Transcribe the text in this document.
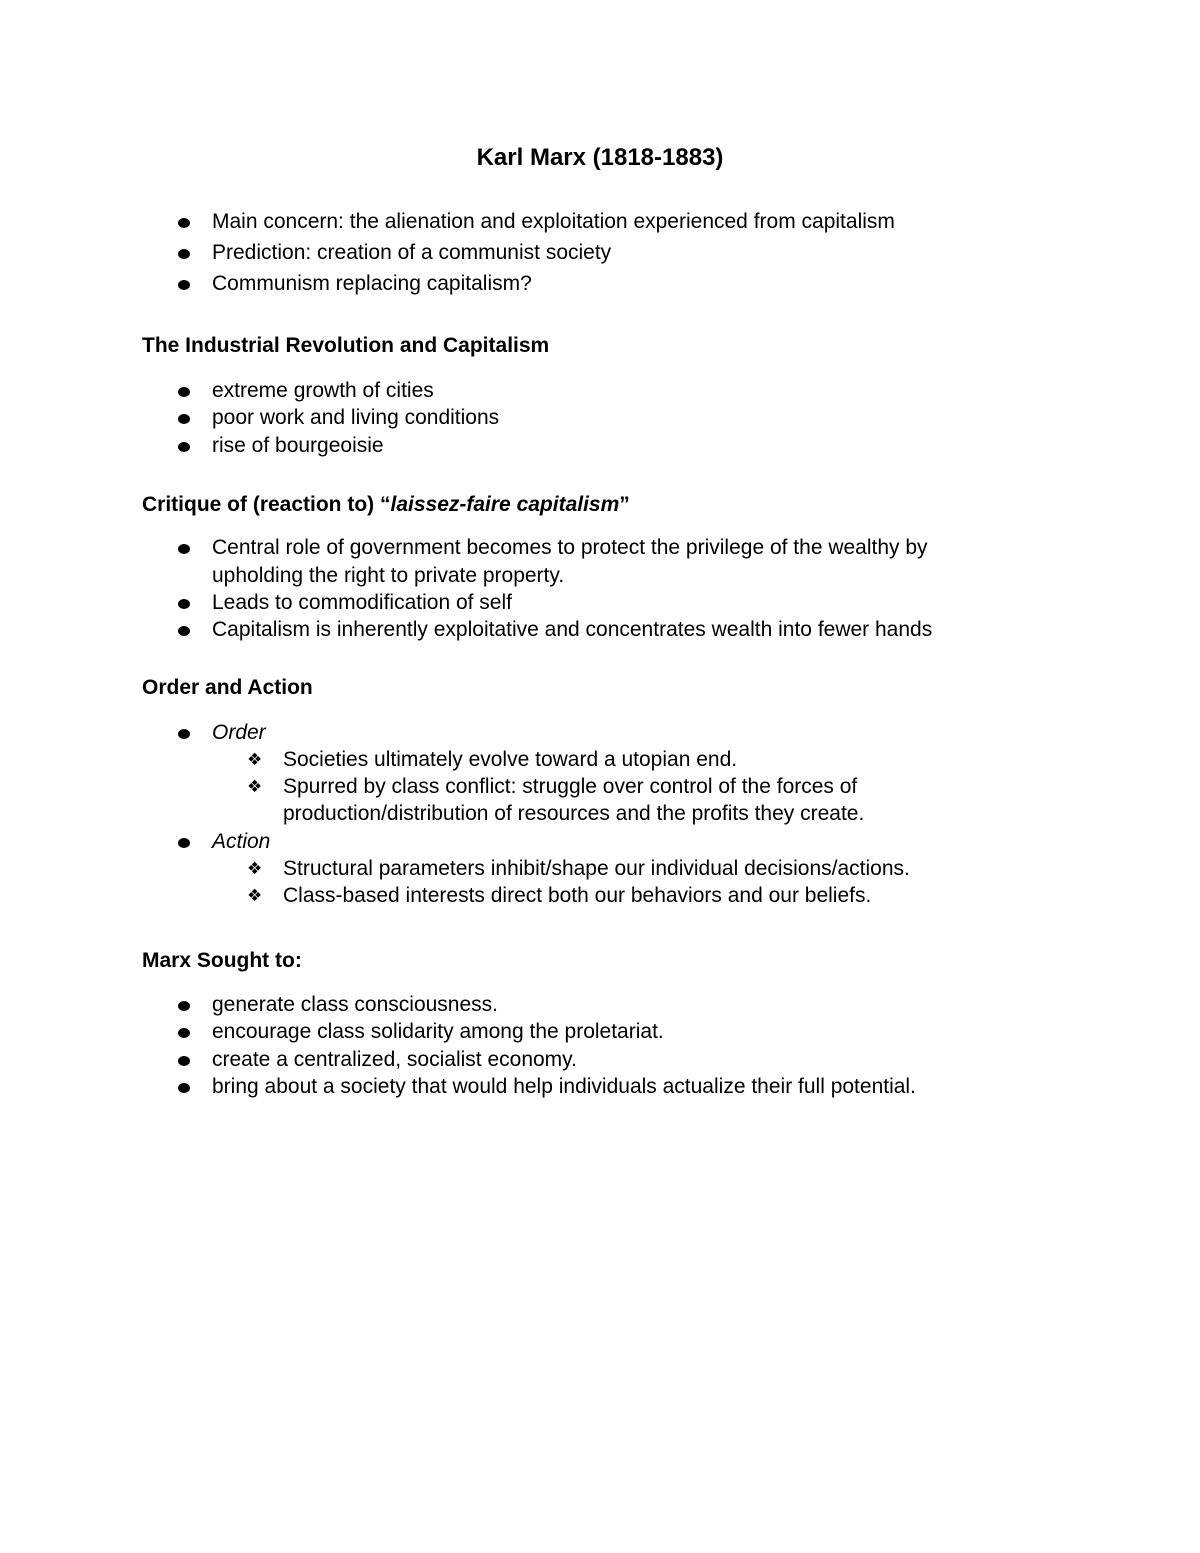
Karl Marx (1818-1883)
Main concern: the alienation and exploitation experienced from capitalism
Prediction: creation of a communist society
Communism replacing capitalism?
The Industrial Revolution and Capitalism
extreme growth of cities
poor work and living conditions
rise of bourgeoisie
Critique of (reaction to) “laissez-faire capitalism”
Central role of government becomes to protect the privilege of the wealthy by
upholding the right to private property.
Leads to commodification of self
Capitalism is inherently exploitative and concentrates wealth into fewer hands
Order and Action
Order
❖ Societies ultimately evolve toward a utopian end.
❖ Spurred by class conflict: struggle over control of the forces of
production/distribution of resources and the profits they create.
Action
❖ Structural parameters inhibit/shape our individual decisions/actions.
❖ Class-based interests direct both our behaviors and our beliefs.
Marx Sought to:
generate class consciousness.
encourage class solidarity among the proletariat.
create a centralized, socialist economy.
bring about a society that would help individuals actualize their full potential.
